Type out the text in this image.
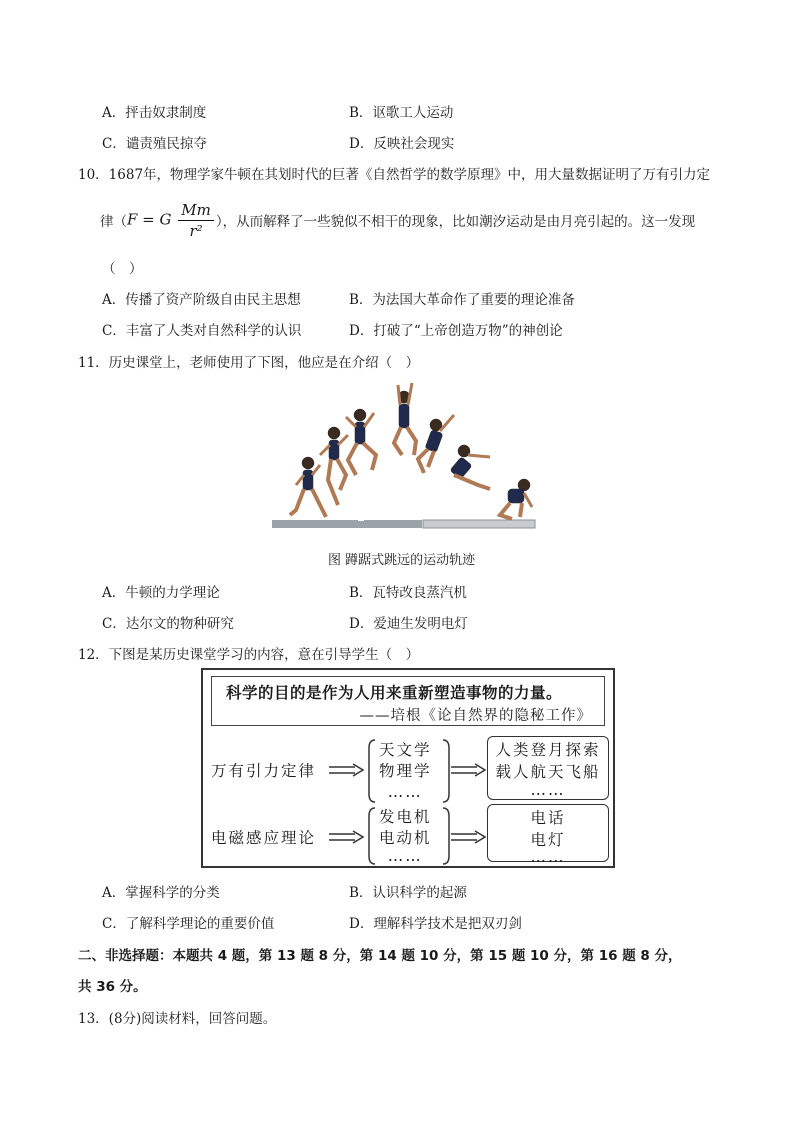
A．抨击奴隶制度	B．讴歌工人运动
C．谴责殖民掠夺	D．反映社会现实
10．1687年，物理学家牛顿在其划时代的巨著《自然哲学的数学原理》中，用大量数据证明了万有引力定
律（ F = G $\frac{Mm}{\text{r²}}$ ），从而解释了一些貌似不相干的现象，比如潮汐运动是由月亮引起的。这一发现
（　）
A．传播了资产阶级自由民主思想	B．为法国大革命作了重要的理论准备
C．丰富了人类对自然科学的认识	D．打破了“上帝创造万物”的神创论
11．历史课堂上，老师使用了下图，他应是在介绍（　）
图 蹲踞式跳远的运动轨迹
A．牛顿的力学理论	B．瓦特改良蒸汽机
C．达尔文的物种研究	D．爱迪生发明电灯
12．下图是某历史课堂学习的内容，意在引导学生（　）
科学的目的是作为人用来重新塑造事物的力量。
——培根《论自然界的隐秘工作》
万有引力定律
天文学
物理学
……
人类登月探索
载人航天飞船
……
电磁感应理论
发电机
电动机
……
电话
电灯
……
A．掌握科学的分类	B．认识科学的起源
C．了解科学理论的重要价值	D．理解科学技术是把双刃剑
二、非选择题：本题共 4 题，第 13 题 8 分，第 14 题 10 分，第 15 题 10 分，第 16 题 8 分，
共 36 分。
13．(8分)阅读材料，回答问题。
